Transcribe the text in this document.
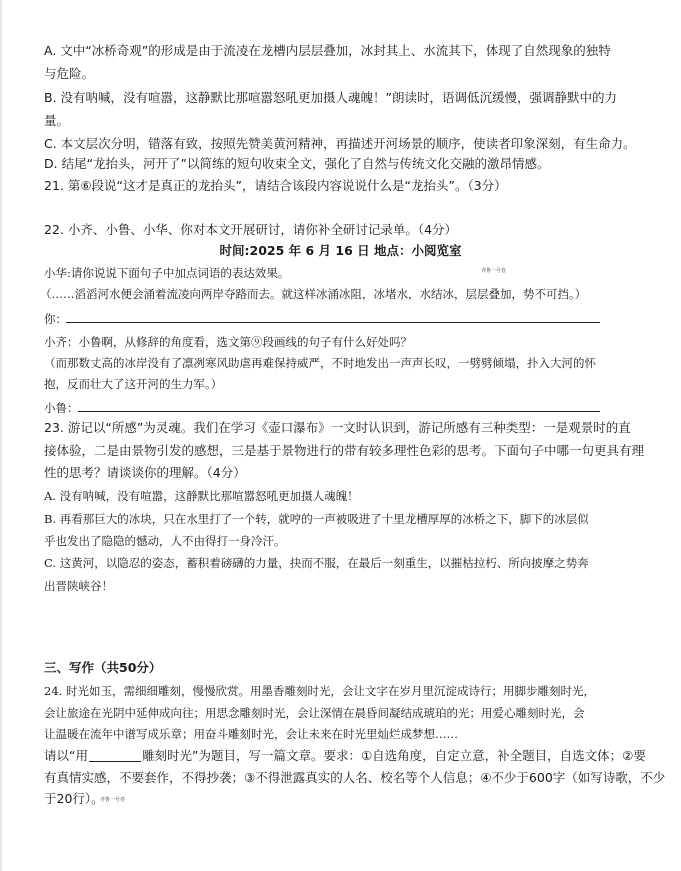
A. 文中“冰桥奇观”的形成是由于流凌在龙槽内层层叠加，冰封其上、水流其下，体现了自然现象的独特
与危险。
B. 没有呐喊，没有喧嚣，这静默比那喧嚣怒吼更加摄人魂魄！”朗读时，语调低沉缓慢，强调静默中的力
量。
C. 本文层次分明，错落有致，按照先赞美黄河精神，再描述开河场景的顺序，使读者印象深刻，有生命力。
D. 结尾“龙抬头，河开了”以简练的短句收束全文，强化了自然与传统文化交融的激昂情感。
21. 第⑥段说“这才是真正的龙抬头”，请结合该段内容说说什么是“龙抬头”。（3分）
22. 小齐、小鲁、小华、你对本文开展研讨，请你补全研讨记录单。（4分）
时间:2025 年 6 月 16 日 地点：小阅览室
小华:请你说说下面句子中加点词语的表达效果。	齐鲁一号卷
（……滔滔河水便会涌着流凌向两岸夺路而去。就这样冰涌冰阻，冰堵水，水结冰，层层叠加，势不可挡。）
你：
小齐：小鲁啊，从修辞的角度看，选文第⑨段画线的句子有什么好处吗？
（而那数丈高的冰岸没有了凛冽寒风助虐再难保持威严，不时地发出一声声长叹，一劈劈倾塌，扑入大河的怀
抱，反而壮大了这开河的生力军。）
小鲁：
23. 游记以“所感”为灵魂。我们在学习《壶口瀑布》一文时认识到，游记所感有三种类型：一是观景时的直
接体验，二是由景物引发的感想，三是基于景物进行的带有较多理性色彩的思考。下面句子中哪一句更具有理
性的思考？请谈谈你的理解。（4分）
A. 没有呐喊，没有喧嚣，这静默比那喧嚣怒吼更加摄人魂魄！
B. 再看那巨大的冰块，只在水里打了一个转，就哼的一声被吸进了十里龙槽厚厚的冰桥之下，脚下的冰层似
乎也发出了隐隐的憾动，人不由得打一身冷汗。
C. 这黄河，以隐忍的姿态，蓄积着磅礴的力量，抉而不服，在最后一刻重生，以摧枯拉朽、所向披摩之势奔
出晋陕峡谷！
三、写作（共50分）
24. 时光如玉，需细细雕刻，慢慢欣赏。用墨香雕刻时光，会让文字在岁月里沉淀成诗行；用脚步雕刻时光，
会让旅途在光阴中延伸成向往；用思念雕刻时光，会让深情在晨昏间凝结成琥珀的光；用爱心雕刻时光，会
让温暖在流年中谱写成乐章；用奋斗雕刻时光，会让未来在时光里灿烂成梦想……
请以“用	雕刻时光”为题目，写一篇文章。要求：①自选角度，自定立意，补全题目，自选文体；②要
有真情实感，不要套作，不得抄袭；③不得泄露真实的人名、校名等个人信息；④不少于600字（如写诗歌，不少
于20行）。
齐鲁一号卷
